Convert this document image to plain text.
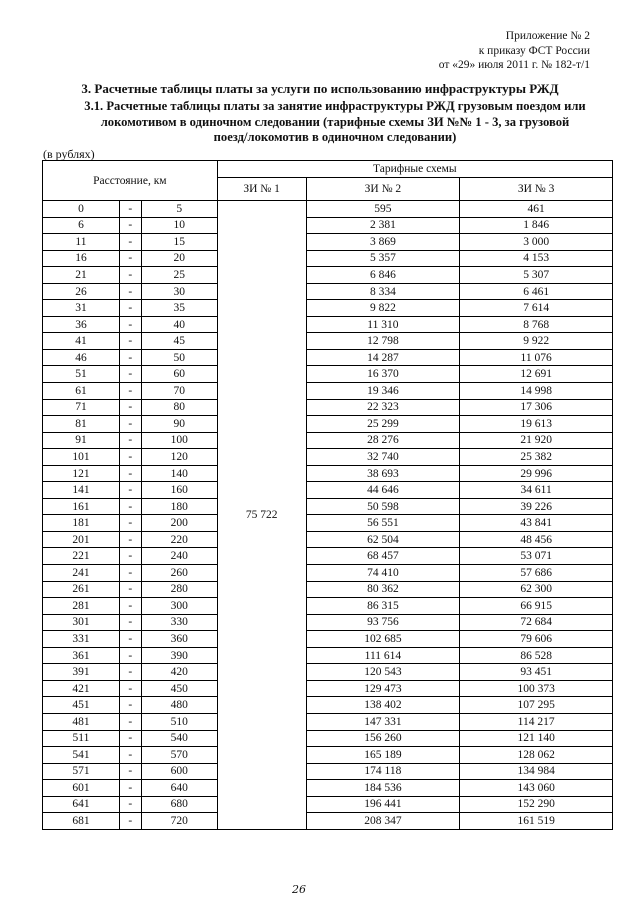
Приложение № 2
к приказу ФСТ России
от «29» июля 2011 г. № 182-т/1
3. Расчетные таблицы платы за услуги по использованию инфраструктуры РЖД
3.1. Расчетные таблицы платы за занятие инфраструктуры РЖД грузовым поездом или
локомотивом в одиночном следовании (тарифные схемы ЗИ №№ 1 - 3, за грузовой
поезд/локомотив в одиночном следовании)
(в рублях)
Расстояние, км			Тарифные схемы		
			ЗИ № 1	ЗИ № 2	ЗИ № 3
0	-	5	75 722	595	461
6	-	10		2 381	1 846
11	-	15		3 869	3 000
16	-	20		5 357	4 153
21	-	25		6 846	5 307
26	-	30		8 334	6 461
31	-	35		9 822	7 614
36	-	40		11 310	8 768
41	-	45		12 798	9 922
46	-	50		14 287	11 076
51	-	60		16 370	12 691
61	-	70		19 346	14 998
71	-	80		22 323	17 306
81	-	90		25 299	19 613
91	-	100		28 276	21 920
101	-	120		32 740	25 382
121	-	140		38 693	29 996
141	-	160		44 646	34 611
161	-	180		50 598	39 226
181	-	200		56 551	43 841
201	-	220		62 504	48 456
221	-	240		68 457	53 071
241	-	260		74 410	57 686
261	-	280		80 362	62 300
281	-	300		86 315	66 915
301	-	330		93 756	72 684
331	-	360		102 685	79 606
361	-	390		111 614	86 528
391	-	420		120 543	93 451
421	-	450		129 473	100 373
451	-	480		138 402	107 295
481	-	510		147 331	114 217
511	-	540		156 260	121 140
541	-	570		165 189	128 062
571	-	600		174 118	134 984
601	-	640		184 536	143 060
641	-	680		196 441	152 290
681	-	720		208 347	161 519
26
